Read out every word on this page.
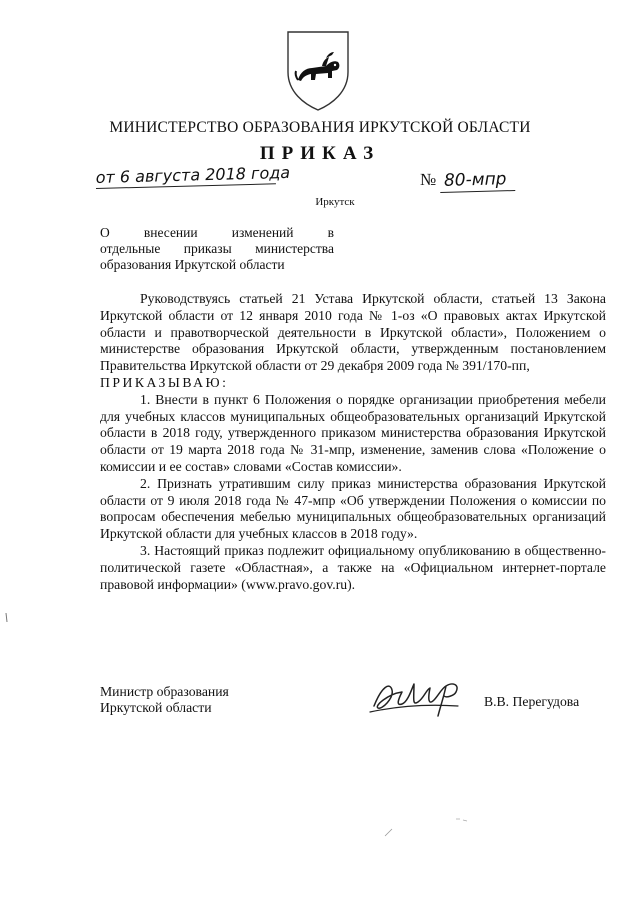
МИНИСТЕРСТВО ОБРАЗОВАНИЯ ИРКУТСКОЙ ОБЛАСТИ
ПРИКАЗ
от 6 августа 2018 года	№ 80-мпр
Иркутск
О внесении изменений в
отдельные приказы министерства
образования Иркутской области

Руководствуясь статьей 21 Устава Иркутской области, статьей 13 Закона Иркутской области от 12 января 2010 года № 1-оз «О правовых актах Иркутской области и правотворческой деятельности в Иркутской области», Положением о министерстве образования Иркутской области, утвержденным постановлением Правительства Иркутской области от 29 декабря 2009 года № 391/170-пп,

ПРИКАЗЫВАЮ:

1. Внести в пункт 6 Положения о порядке организации приобретения мебели для учебных классов муниципальных общеобразовательных организаций Иркутской области в 2018 году, утвержденного приказом министерства образования Иркутской области от 19 марта 2018 года № 31-мпр, изменение, заменив слова «Положение о комиссии и ее состав» словами «Состав комиссии».

2. Признать утратившим силу приказ министерства образования Иркутской области от 9 июля 2018 года № 47-мпр «Об утверждении Положения о комиссии по вопросам обеспечения мебелью муниципальных общеобразовательных организаций Иркутской области для учебных классов в 2018 году».

3. Настоящий приказ подлежит официальному опубликованию в общественно-политической газете «Областная», а также на «Официальном интернет-портале правовой информации» (www.pravo.gov.ru).

Министр образования
Иркутской области	В.В. Перегудова
